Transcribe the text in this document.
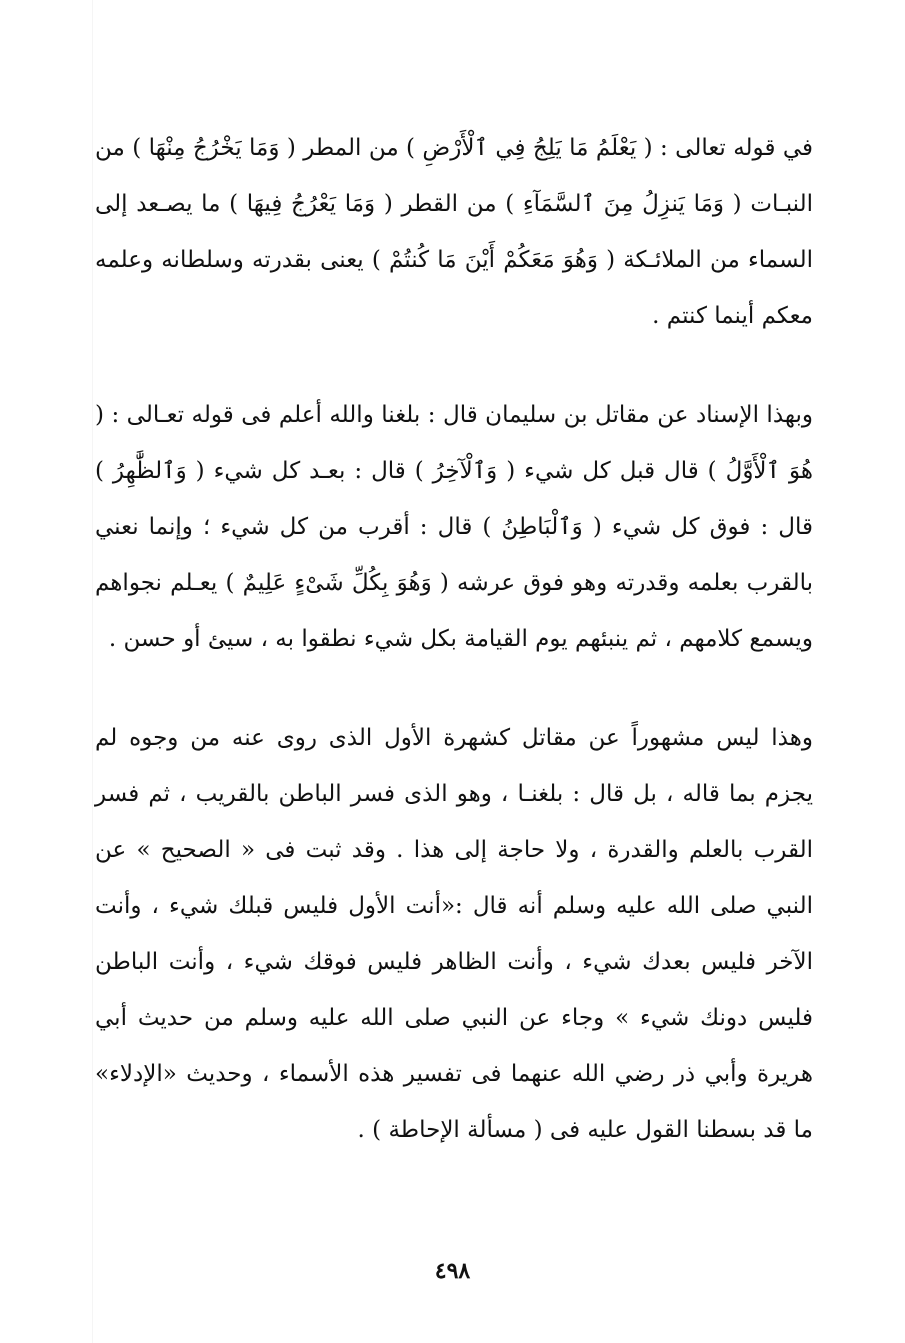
في قوله تعالى : ( يَعْلَمُ مَا يَلِجُ فِي ٱلْأَرْضِ ) من المطر ( وَمَا يَخْرُجُ مِنْهَا ) من النبـات ( وَمَا يَنزِلُ مِنَ ٱلسَّمَآءِ ) من القطر ( وَمَا يَعْرُجُ فِيهَا ) ما يصـعد إلى السماء من الملائـكة ( وَهُوَ مَعَكُمْ أَيْنَ مَا كُنتُمْ ) يعنى بقدرته وسلطانه وعلمه معكم أينما كنتم .

وبهذا الإسناد عن مقاتل بن سليمان قال : بلغنا والله أعلم فى قوله تعـالى : ( هُوَ ٱلْأَوَّلُ ) قال قبل كل شيء ( وَٱلْآخِرُ ) قال : بعـد كل شيء ( وَٱلظَّٰهِرُ ) قال : فوق كل شيء ( وَٱلْبَاطِنُ ) قال : أقرب من كل شيء ؛ وإنما نعني بالقرب بعلمه وقدرته وهو فوق عرشه ( وَهُوَ بِكُلِّ شَىْءٍ عَلِيمٌ ) يعـلم نجواهم ويسمع كلامهم ، ثم ينبئهم يوم القيامة بكل شيء نطقوا به ، سيئ أو حسن .

وهذا ليس مشهوراً عن مقاتل كشهرة الأول الذى روى عنه من وجوه لم يجزم بما قاله ، بل قال : بلغنـا ، وهو الذى فسر الباطن بالقريب ، ثم فسر القرب بالعلم والقدرة ، ولا حاجة إلى هذا . وقد ثبت فى « الصحيح » عن النبي صلى الله عليه وسلم أنه قال :«أنت الأول فليس قبلك شيء ، وأنت الآخر فليس بعدك شيء ، وأنت الظاهر فليس فوقك شيء ، وأنت الباطن فليس دونك شيء » وجاء عن النبي صلى الله عليه وسلم من حديث أبي هريرة وأبي ذر رضي الله عنهما فى تفسير هذه الأسماء ، وحديث «الإدلاء» ما قد بسطنا القول عليه فى ( مسألة الإحاطة ) .

٤٩٨
